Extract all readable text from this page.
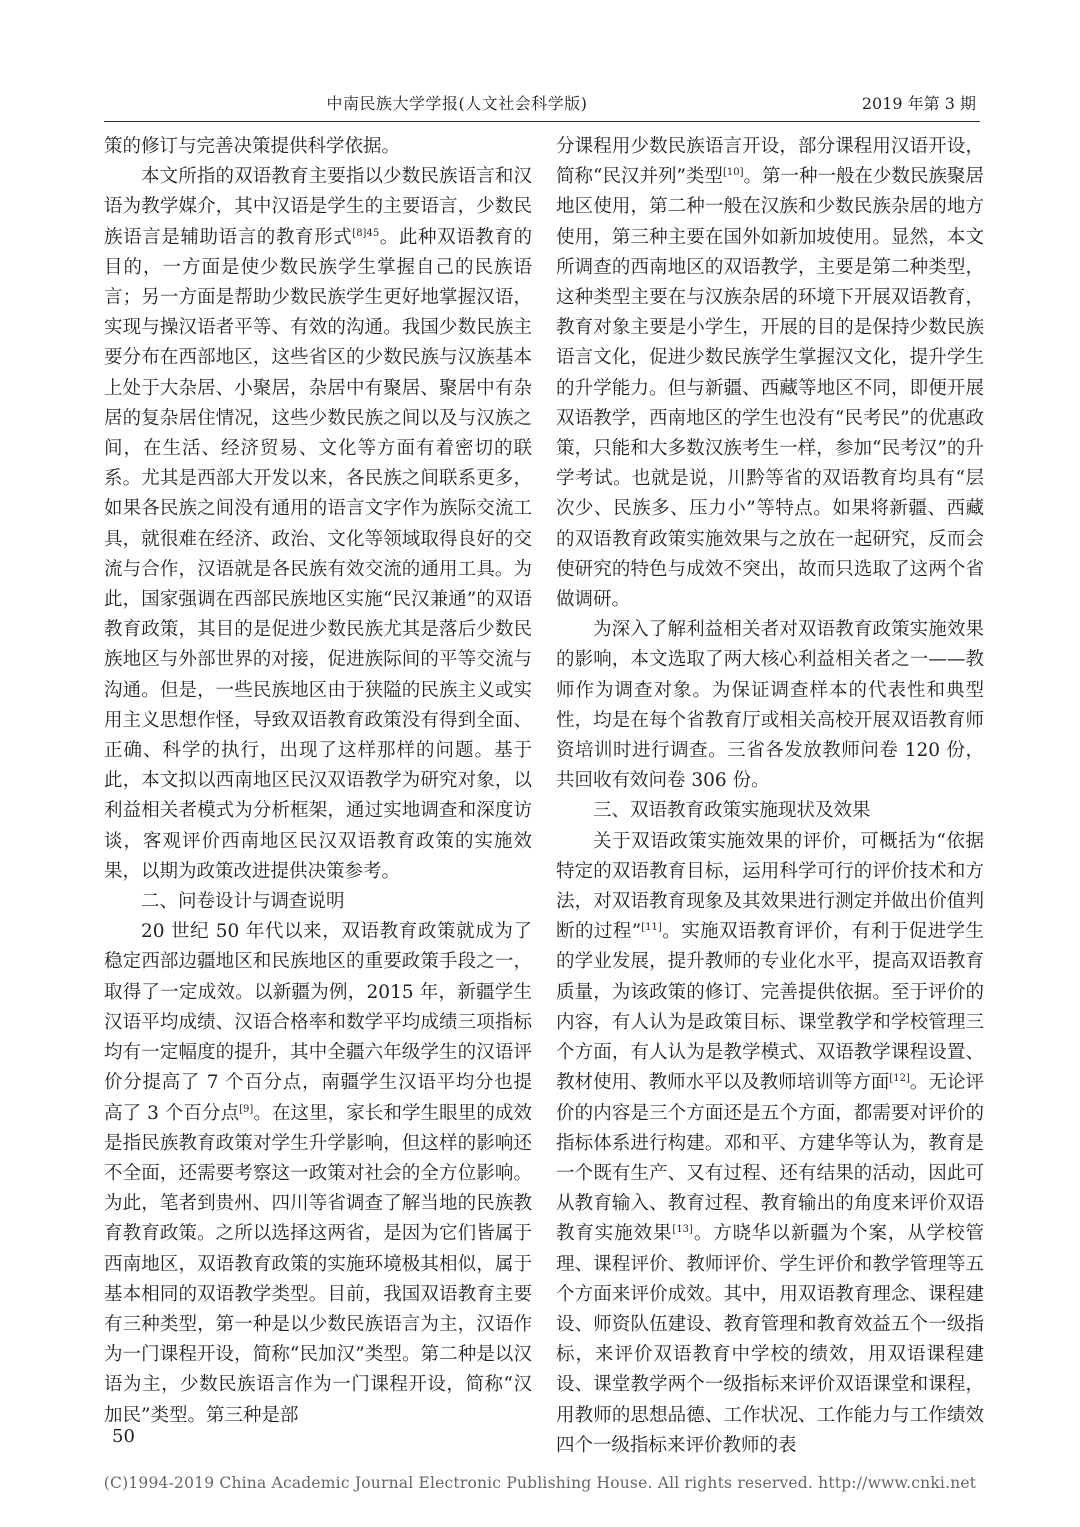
中南民族大学学报(人文社会科学版)	2019 年第 3 期

策的修订与完善决策提供科学依据。

本文所指的双语教育主要指以少数民族语言和汉语为教学媒介，其中汉语是学生的主要语言，少数民族语言是辅助语言的教育形式$^{[8]45}$。此种双语教育的目的，一方面是使少数民族学生掌握自己的民族语言；另一方面是帮助少数民族学生更好地掌握汉语，实现与操汉语者平等、有效的沟通。我国少数民族主要分布在西部地区，这些省区的少数民族与汉族基本上处于大杂居、小聚居，杂居中有聚居、聚居中有杂居的复杂居住情况，这些少数民族之间以及与汉族之间，在生活、经济贸易、文化等方面有着密切的联系。尤其是西部大开发以来，各民族之间联系更多，如果各民族之间没有通用的语言文字作为族际交流工具，就很难在经济、政治、文化等领域取得良好的交流与合作，汉语就是各民族有效交流的通用工具。为此，国家强调在西部民族地区实施“民汉兼通”的双语教育政策，其目的是促进少数民族尤其是落后少数民族地区与外部世界的对接，促进族际间的平等交流与沟通。但是，一些民族地区由于狭隘的民族主义或实用主义思想作怪，导致双语教育政策没有得到全面、正确、科学的执行，出现了这样那样的问题。基于此，本文拟以西南地区民汉双语教学为研究对象，以利益相关者模式为分析框架，通过实地调查和深度访谈，客观评价西南地区民汉双语教育政策的实施效果，以期为政策改进提供决策参考。

二、问卷设计与调查说明

20 世纪 50 年代以来，双语教育政策就成为了稳定西部边疆地区和民族地区的重要政策手段之一，取得了一定成效。以新疆为例，2015 年，新疆学生汉语平均成绩、汉语合格率和数学平均成绩三项指标均有一定幅度的提升，其中全疆六年级学生的汉语评价分提高了 7 个百分点，南疆学生汉语平均分也提高了 3 个百分点[9]。在这里，家长和学生眼里的成效是指民族教育政策对学生升学影响，但这样的影响还不全面，还需要考察这一政策对社会的全方位影响。为此，笔者到贵州、四川等省调查了解当地的民族教育教育政策。之所以选择这两省，是因为它们皆属于西南地区，双语教育政策的实施环境极其相似，属于基本相同的双语教学类型。目前，我国双语教育主要有三种类型，第一种是以少数民族语言为主，汉语作为一门课程开设，简称“民加汉”类型。第二种是以汉语为主，少数民族语言作为一门课程开设，简称“汉加民”类型。第三种是部

分课程用少数民族语言开设，部分课程用汉语开设，简称“民汉并列”类型[10]。第一种一般在少数民族聚居地区使用，第二种一般在汉族和少数民族杂居的地方使用，第三种主要在国外如新加坡使用。显然，本文所调查的西南地区的双语教学，主要是第二种类型，这种类型主要在与汉族杂居的环境下开展双语教育，教育对象主要是小学生，开展的目的是保持少数民族语言文化，促进少数民族学生掌握汉文化，提升学生的升学能力。但与新疆、西藏等地区不同，即便开展双语教学，西南地区的学生也没有“民考民”的优惠政策，只能和大多数汉族考生一样，参加“民考汉”的升学考试。也就是说，川黔等省的双语教育均具有“层次少、民族多、压力小”等特点。如果将新疆、西藏的双语教育政策实施效果与之放在一起研究，反而会使研究的特色与成效不突出，故而只选取了这两个省做调研。

为深入了解利益相关者对双语教育政策实施效果的影响，本文选取了两大核心利益相关者之一——教师作为调查对象。为保证调查样本的代表性和典型性，均是在每个省教育厅或相关高校开展双语教育师资培训时进行调查。三省各发放教师问卷 120 份，共回收有效问卷 306 份。

三、双语教育政策实施现状及效果

关于双语政策实施效果的评价，可概括为“依据特定的双语教育目标，运用科学可行的评价技术和方法，对双语教育现象及其效果进行测定并做出价值判断的过程”[11]。实施双语教育评价，有利于促进学生的学业发展，提升教师的专业化水平，提高双语教育质量，为该政策的修订、完善提供依据。至于评价的内容，有人认为是政策目标、课堂教学和学校管理三个方面，有人认为是教学模式、双语教学课程设置、教材使用、教师水平以及教师培训等方面[12]。无论评价的内容是三个方面还是五个方面，都需要对评价的指标体系进行构建。邓和平、方建华等认为，教育是一个既有生产、又有过程、还有结果的活动，因此可从教育输入、教育过程、教育输出的角度来评价双语教育实施效果[13]。方晓华以新疆为个案，从学校管理、课程评价、教师评价、学生评价和教学管理等五个方面来评价成效。其中，用双语教育理念、课程建设、师资队伍建设、教育管理和教育效益五个一级指标，来评价双语教育中学校的绩效，用双语课程建设、课堂教学两个一级指标来评价双语课堂和课程，用教师的思想品德、工作状况、工作能力与工作绩效四个一级指标来评价教师的表

50
(C)1994-2019 China Academic Journal Electronic Publishing House. All rights reserved. http://www.cnki.net
